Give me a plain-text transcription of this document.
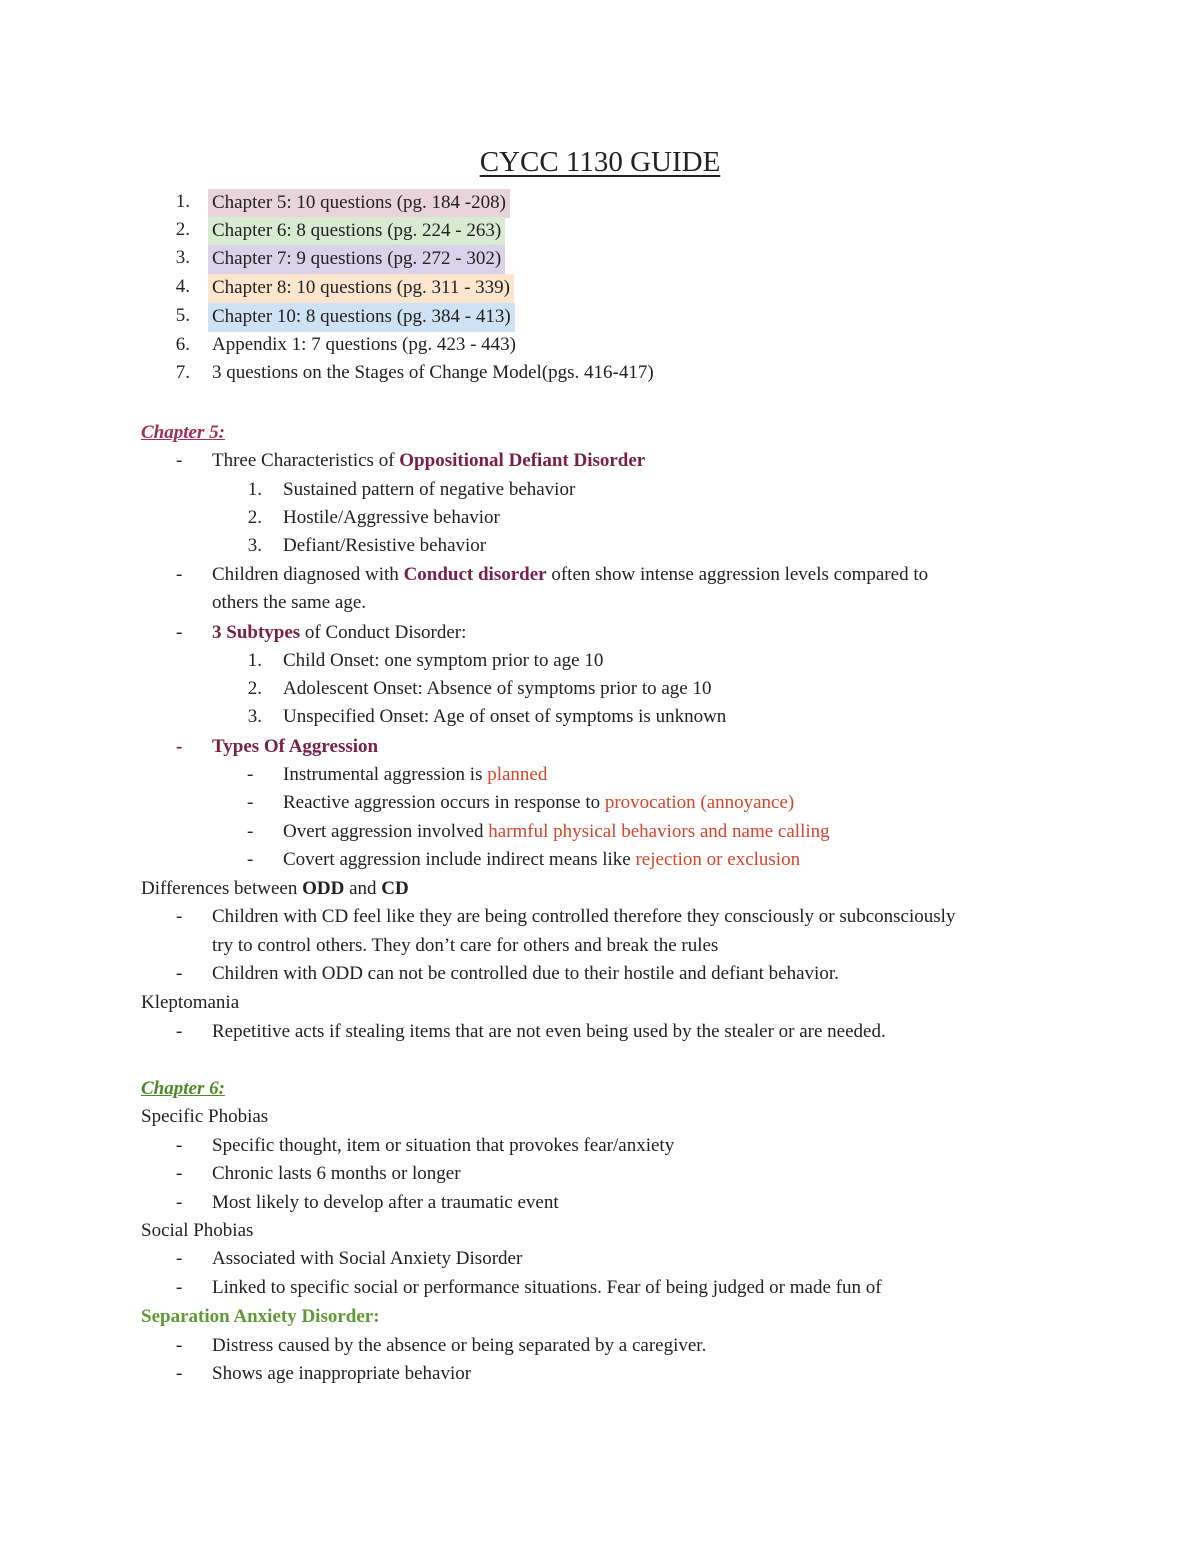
CYCC 1130 GUIDE
1. Chapter 5: 10 questions (pg. 184 -208)
2. Chapter 6: 8 questions (pg. 224 - 263)
3. Chapter 7: 9 questions (pg. 272 - 302)
4. Chapter 8: 10 questions (pg. 311 - 339)
5. Chapter 10: 8 questions (pg. 384 - 413)
6. Appendix 1: 7 questions (pg. 423 - 443)
7. 3 questions on the Stages of Change Model(pgs. 416-417)
Chapter 5:
- Three Characteristics of Oppositional Defiant Disorder
1. Sustained pattern of negative behavior
2. Hostile/Aggressive behavior
3. Defiant/Resistive behavior
- Children diagnosed with Conduct disorder often show intense aggression levels compared to
others the same age.
- 3 Subtypes of Conduct Disorder:
1. Child Onset: one symptom prior to age 10
2. Adolescent Onset: Absence of symptoms prior to age 10
3. Unspecified Onset: Age of onset of symptoms is unknown
- Types Of Aggression
- Instrumental aggression is planned
- Reactive aggression occurs in response to provocation (annoyance)
- Overt aggression involved harmful physical behaviors and name calling
- Covert aggression include indirect means like rejection or exclusion
Differences between ODD and CD
- Children with CD feel like they are being controlled therefore they consciously or subconsciously
try to control others. They don’t care for others and break the rules
- Children with ODD can not be controlled due to their hostile and defiant behavior.
Kleptomania
- Repetitive acts if stealing items that are not even being used by the stealer or are needed.
Chapter 6:
Specific Phobias
- Specific thought, item or situation that provokes fear/anxiety
- Chronic lasts 6 months or longer
- Most likely to develop after a traumatic event
Social Phobias
- Associated with Social Anxiety Disorder
- Linked to specific social or performance situations. Fear of being judged or made fun of
Separation Anxiety Disorder:
- Distress caused by the absence or being separated by a caregiver.
- Shows age inappropriate behavior
